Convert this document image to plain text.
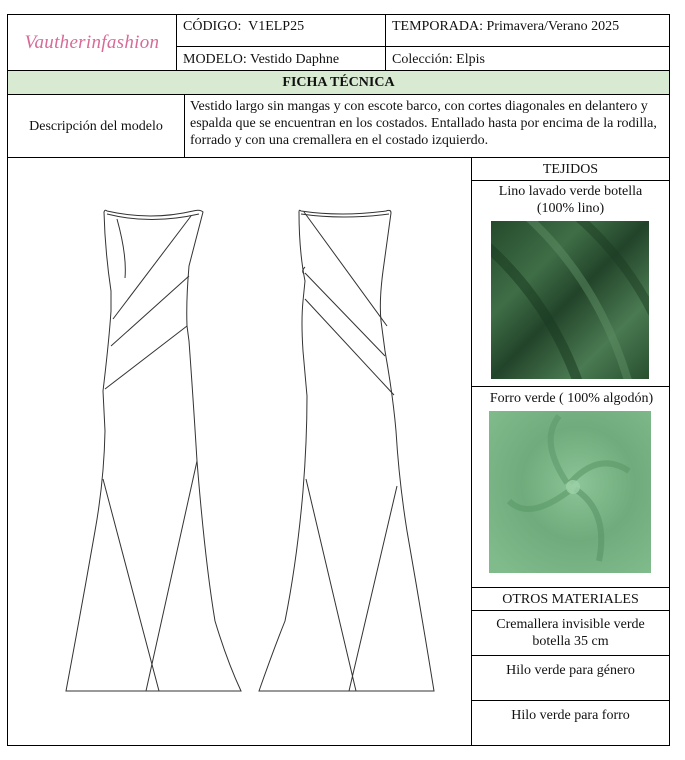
Vautherinfashion
CÓDIGO: V1ELP25	TEMPORADA: Primavera/Verano 2025
MODELO: Vestido Daphne	Colección: Elpis
FICHA TÉCNICA
Descripción del modelo
Vestido largo sin mangas y con escote barco, con cortes diagonales en delantero y espalda que se encuentran en los costados. Entallado hasta por encima de la rodilla, forrado y con una cremallera en el costado izquierdo.
TEJIDOS
Lino lavado verde botella (100% lino)
Forro verde ( 100% algodón)
OTROS MATERIALES
Cremallera invisible verde botella 35 cm
Hilo verde para género
Hilo verde para forro
